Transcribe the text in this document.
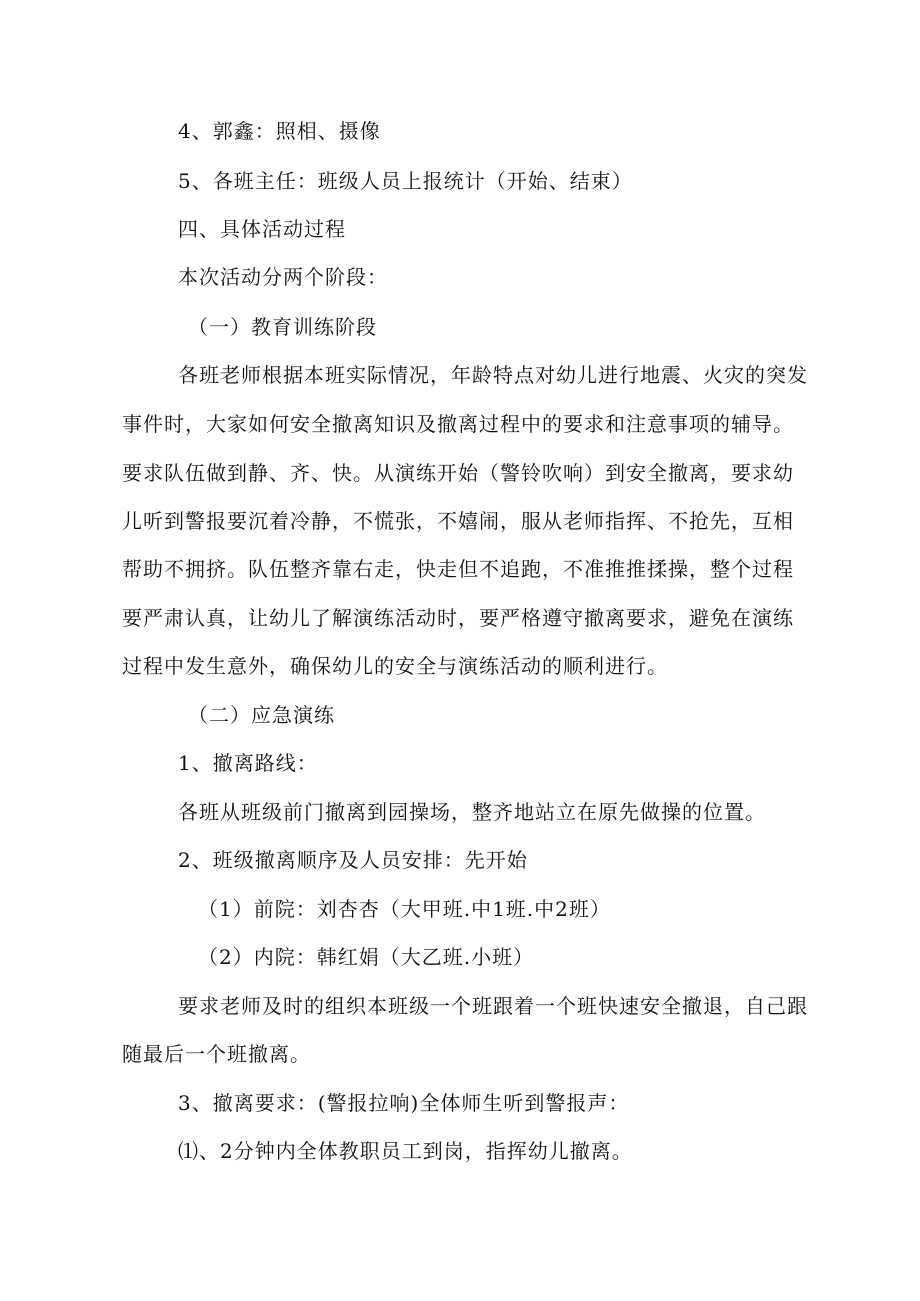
4、郭鑫：照相、摄像
5、各班主任：班级人员上报统计（开始、结束）
四、具体活动过程
本次活动分两个阶段：
（一）教育训练阶段
各班老师根据本班实际情况，年龄特点对幼儿进行地震、火灾的突发
事件时，大家如何安全撤离知识及撤离过程中的要求和注意事项的辅导。
要求队伍做到静、齐、快。从演练开始（警铃吹响）到安全撤离，要求幼
儿听到警报要沉着冷静，不慌张，不嬉闹，服从老师指挥、不抢先，互相
帮助不拥挤。队伍整齐靠右走，快走但不追跑，不准推推揉操，整个过程
要严肃认真，让幼儿了解演练活动时，要严格遵守撤离要求，避免在演练
过程中发生意外，确保幼儿的安全与演练活动的顺利进行。
（二）应急演练
1、撤离路线：
各班从班级前门撤离到园操场，整齐地站立在原先做操的位置。
2、班级撤离顺序及人员安排：先开始
（1）前院：刘杏杏（大甲班.中1班.中2班）
（2）内院：韩红娟（大乙班.小班）
要求老师及时的组织本班级一个班跟着一个班快速安全撤退，自己跟
随最后一个班撤离。
3、撤离要求：(警报拉响)全体师生听到警报声：
⑴、2分钟内全体教职员工到岗，指挥幼儿撤离。
